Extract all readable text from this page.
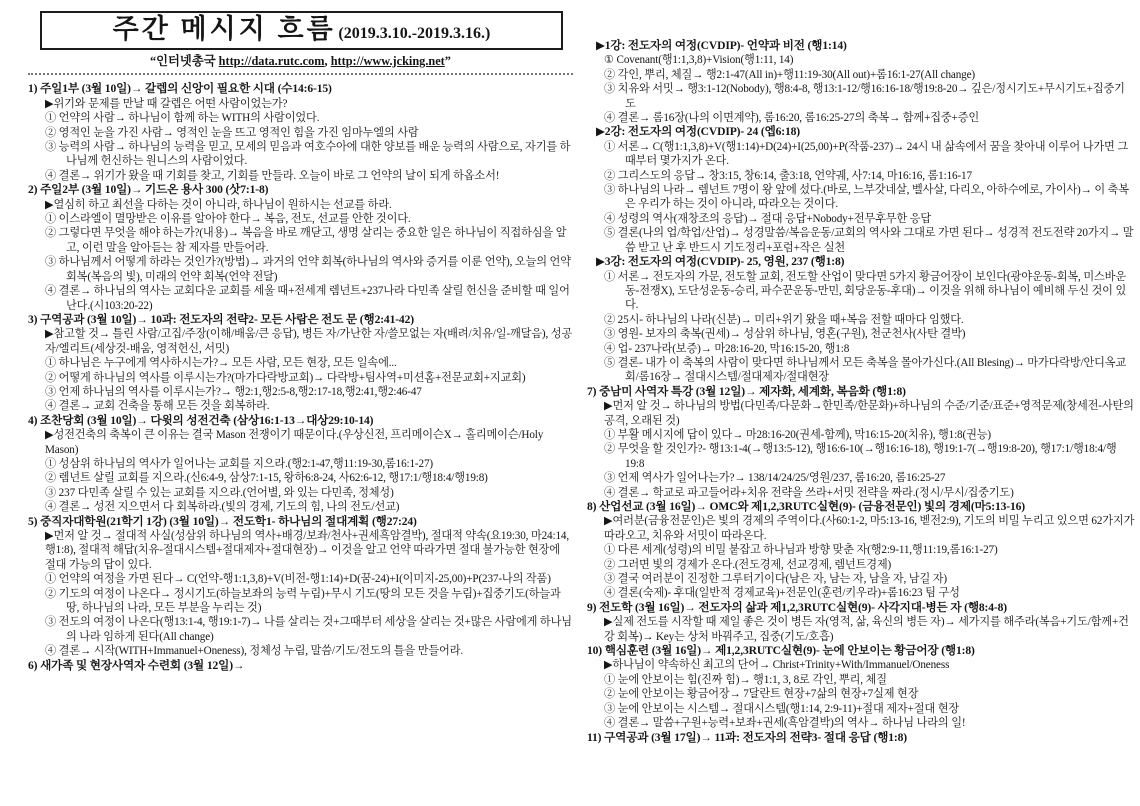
주간 메시지 흐름 (2019.3.10.-2019.3.16.)
“인터넷총국 http://data.rutc.com, http://www.jcking.net”
1) 주일1부 (3월 10일)→ 갈렙의 신앙이 필요한 시대 (수14:6-15)
▶위기와 문제를 만날 때 갈렙은 어떤 사람이었는가?
① 언약의 사람→ 하나님이 함께 하는 WITH의 사람이었다.
② 영적인 눈을 가진 사람→ 영적인 눈을 뜨고 영적인 힘을 가진 임마누엘의 사람
③ 능력의 사람→ 하나님의 능력을 믿고, 모세의 믿음과 여호수아에 대한 양보를 배운 능력의 사람으로, 자기를 하나님께 헌신하는 원니스의 사람이었다.
④ 결론→ 위기가 왔을 때 기회를 찾고, 기회를 만들라. 오늘이 바로 그 언약의 날이 되게 하옵소서!
2) 주일2부 (3월 10일)→ 기드온 용사 300 (삿7:1-8)
▶열심히 하고 최선을 다하는 것이 아니라, 하나님이 원하시는 선교를 하라.
① 이스라엘이 멸망받은 이유를 알아야 한다→ 복음, 전도, 선교를 안한 것이다.
② 그렇다면 무엇을 해야 하는가?(내용)→ 복음을 바로 깨닫고, 생명 살리는 중요한 일은 하나님이 직접하심을 알고, 이런 말을 알아듣는 참 제자를 만들어라.
③ 하나님께서 어떻게 하라는 것인가?(방법)→ 과거의 언약 회복(하나님의 역사와 증거를 이룬 언약), 오늘의 언약 회복(복음의 빛), 미래의 언약 회복(언약 전달)
④ 결론→ 하나님의 역사는 교회다운 교회를 세울 때+전세계 렘넌트+237나라 다민족 살릴 헌신을 준비할 때 일어난다.(시103:20-22)
3) 구역공과 (3월 10일)→ 10과: 전도자의 전략2- 모든 사람은 전도 문 (행2:41-42)
▶참고할 것→ 틀린 사람/고집/주장(이해/배움/큰 응답), 병든 자/가난한 자/쓸모없는 자(배려/치유/일-깨달음), 성공자/엘리트(세상것-배움, 영적헌신, 서밋)
① 하나님은 누구에게 역사하시는가?→ 모든 사람, 모든 현장, 모든 일속에...
② 어떻게 하나님의 역사를 이루시는가?(마가다락방교회)→ 다락방+팀사역+미션홈+전문교회+지교회)
③ 언제 하나님의 역사를 이루시는가?→ 행2:1,행2:5-8,행2:17-18,행2:41,행2:46-47
④ 결론→ 교회 건축을 통해 모든 것을 회복하라.
4) 조찬당회 (3월 10일)→ 다윗의 성전건축 (삼상16:1-13→대상29:10-14)
▶성전건축의 축복이 큰 이유는 결국 Mason 전쟁이기 때문이다.(우상신전, 프리메이슨X→ 홀리메이슨/Holy Mason)
① 성삼위 하나님의 역사가 일어나는 교회를 지으라.(행2:1-47,행11:19-30,롬16:1-27)
② 렘넌트 살릴 교회를 지으라.(신6:4-9, 삼상7:1-15, 왕하6:8-24, 사62:6-12, 행17:1/행18:4/행19:8)
③ 237 다민족 살릴 수 있는 교회를 지으라.(언어별, 와 있는 다민족, 정체성)
④ 결론→ 성전 지으면서 다 회복하라.(빛의 경제, 기도의 힘, 나의 전도/선교)
5) 중직자대학원(21학기 1강) (3월 10일)→ 전도학1- 하나님의 절대계획 (행27:24)
▶먼저 알 것→ 절대적 사실(성삼위 하나님의 역사+배경/보좌/천사+권세흑암결박), 절대적 약속(요19:30, 마24:14, 행1:8), 절대적 해답(치유-절대시스템+절대제자+절대현장)→ 이것을 알고 언약 따라가면 절대 불가능한 현장에 절대 가능의 답이 있다.
① 언약의 여정을 가면 된다→ C(언약-행1:1,3,8)+V(비전-행1:14)+D(꿈-24)+I(이미지-25,00)+P(237-나의 작품)
② 기도의 여정이 나온다→ 정시기도(하늘보좌의 능력 누림)+무시 기도(땅의 모든 것을 누림)+집중기도(하늘과 땅, 하나님의 나라, 모든 부분을 누리는 것)
③ 전도의 여정이 나온다(행13:1-4, 행19:1-7)→ 나를 살리는 것+그때부터 세상을 살리는 것+많은 사람에게 하나님의 나라 임하게 된다(All change)
④ 결론→ 시작(WITH+Immanuel+Oneness), 정체성 누림, 말씀/기도/전도의 틀을 만들어라.
6) 새가족 및 현장사역자 수련회 (3월 12일)→
▶1강: 전도자의 여정(CVDIP)- 언약과 비전 (행1:14)
① Covenant(행1:1,3,8)+Vision(행1:11, 14)
② 각인, 뿌리, 체질→ 행2:1-47(All in)+행11:19-30(All out)+롬16:1-27(All change)
③ 치유와 서밋→ 행3:1-12(Nobody), 행8:4-8, 행13:1-12/행16:16-18/행19:8-20→ 깊은/정시기도+무시기도+집중기도
④ 결론→ 롬16장(나의 이면계약), 롬16:20, 롬16:25-27의 축복→ 함께+집중+증인
▶2강: 전도자의 여정(CVDIP)- 24 (엡6:18)
① 서론→ C(행1:1,3,8)+V(행1:14)+D(24)+I(25,00)+P(작품-237)→ 24시 내 삶속에서 꿈을 찾아내 이루어 나가면 그때부터 몇가지가 온다.
② 그리스도의 응답→ 창3:15, 창6:14, 출3:18, 언약궤, 사7:14, 마16:16, 롬1:16-17
③ 하나님의 나라→ 렘넌트 7명이 왕 앞에 섰다.(바로, 느부갓네살, 벨사살, 다리오, 아하수에로, 가이사)→ 이 축복은 우리가 하는 것이 아니라, 따라오는 것이다.
④ 성령의 역사(재창조의 응답)→ 절대 응답+Nobody+전무후무한 응답
⑤ 결론(나의 업/학업/산업)→ 성경말씀/복음운동/교회의 역사와 그대로 가면 된다→ 성경적 전도전략 20가지→ 말씀 받고 난 후 반드시 기도정리+포럼+작은 실천
▶3강: 전도자의 여정(CVDIP)- 25, 영원, 237 (행1:8)
① 서론→ 전도자의 가문, 전도할 교회, 전도할 산업이 맞다면 5가지 황금어장이 보인다(광야운동-회복, 미스바운동-전쟁X), 도단성운동-승리, 파수꾼운동-만민, 회당운동-후대)→ 이것을 위해 하나님이 예비해 두신 것이 있다.
② 25시- 하나님의 나라(신분)→ 미리+위기 왔을 때+복음 전할 때마다 임했다.
③ 영원- 보자의 축복(권세)→ 성삼위 하나님, 영혼(구원), 천군천사(사탄 결박)
④ 업- 237나라(보증)→ 마28:16-20, 막16:15-20, 행1:8
⑤ 결론- 내가 이 축복의 사람이 맞다면 하나님께서 모든 축복을 몰아가신다.(All Blesing)→ 마가다락방/안디옥교회/롬16장→ 절대시스템/절대제자/절대현장
7) 중남미 사역자 특강 (3월 12일)→ 제자화, 세계화, 복음화 (행1:8)
▶먼저 알 것→ 하나님의 방법(다민족/다문화→한민족/한문화)+하나님의 수준/기준/표준+영적문제(창세전-사탄의 공격, 오래된 것)
① 부활 메시지에 답이 있다→ 마28:16-20(권세-함께), 막16:15-20(치유), 행1:8(권능)
② 무엇을 할 것인가?- 행13:1-4(→행13:5-12), 행16:6-10(→행16:16-18), 행19:1-7(→행19:8-20), 행17:1/행18:4/행19:8
③ 언제 역사가 일어나는가?→ 138/14/24/25/영원/237, 롬16:20, 롬16:25-27
④ 결론→ 학교로 파고들어라+치유 전략을 쓰라+서밋 전략을 짜라.(정시/무시/집중기도)
8) 산업선교 (3월 16일)→ OMC와 제1,2,3RUTC실현(9)- (금융전문인) 빛의 경제(마5:13-16)
▶여러분(금융전문인)은 빛의 경제의 주역이다.(사60:1-2, 마5:13-16, 벧전2:9), 기도의 비밀 누리고 있으면 62가지가 따라오고, 치유와 서밋이 따라온다.
① 다른 세계(성령)의 비밀 붙잡고 하나님과 방향 맞춘 자(행2:9-11,행11:19,롬16:1-27)
② 그러면 빛의 경제가 온다.(전도경제, 선교경제, 렘넌트경제)
③ 결국 여러분이 진정한 그루터기이다(남은 자, 남는 자, 남을 자, 남길 자)
④ 결론(숙제)- 후대(일반적 경제교육)+전문인(훈련/키우라)+롬16:23 팀 구성
9) 전도학 (3월 16일)→ 전도자의 삶과 제1,2,3RUTC실현(9)- 사각지대-병든 자 (행8:4-8)
▶실제 전도를 시작할 때 제일 좋은 것이 병든 자(영적, 삶, 육신의 병든 자)→ 세가지를 해주라(복음+기도/함께+건강 회복)→ Key는 상처 바꿔주고, 집중(기도/호흡)
10) 핵심훈련 (3월 16일)→ 제1,2,3RUTC실현(9)- 눈에 안보이는 황금어장 (행1:8)
▶하나님이 약속하신 최고의 단어→ Christ+Trinity+With/Immanuel/Oneness
① 눈에 안보이는 힘(진짜 힘)→ 행1:1, 3, 8로 각인, 뿌리, 체질
② 눈에 안보이는 황금어장→ 7달란트 현장+7삶의 현장+7실제 현장
③ 눈에 안보이는 시스템→ 절대시스템(행1:14, 2:9-11)+절대 제자+절대 현장
④ 결론→ 말씀+구원+능력+보좌+권세(흑암결박)의 역사→ 하나님 나라의 일!
11) 구역공과 (3월 17일)→ 11과: 전도자의 전략3- 절대 응답 (행1:8)
